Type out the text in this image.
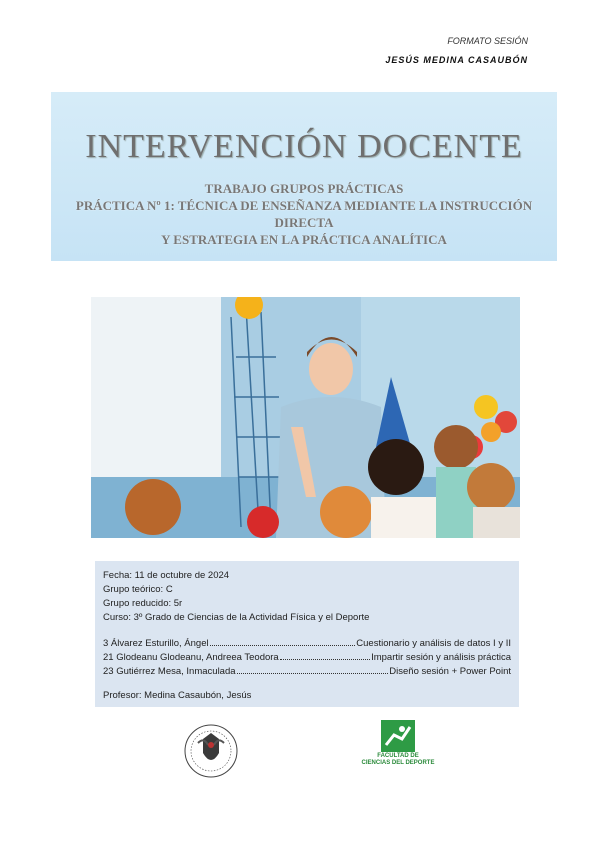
FORMATO SESIÓN
JESÚS MEDINA CASAUBÓN
INTERVENCIÓN DOCENTE
TRABAJO GRUPOS PRÁCTICAS
PRÁCTICA Nº 1: TÉCNICA DE ENSEÑANZA MEDIANTE LA INSTRUCCIÓN DIRECTA
Y ESTRATEGIA EN LA PRÁCTICA ANALÍTICA
Fecha: 11 de octubre de 2024
Grupo teórico: C
Grupo reducido: 5r
Curso: 3º Grado de Ciencias de la Actividad Física y el Deporte
3 Álvarez Esturillo, Ángel	Cuestionario y análisis de datos I y II
21 Glodeanu Glodeanu, Andreea Teodora	Impartir sesión y análisis práctica
23 Gutiérrez Mesa, Inmaculada	Diseño sesión + Power Point
Profesor: Medina Casaubón, Jesús
FACULTAD DE
CIENCIAS DEL DEPORTE
